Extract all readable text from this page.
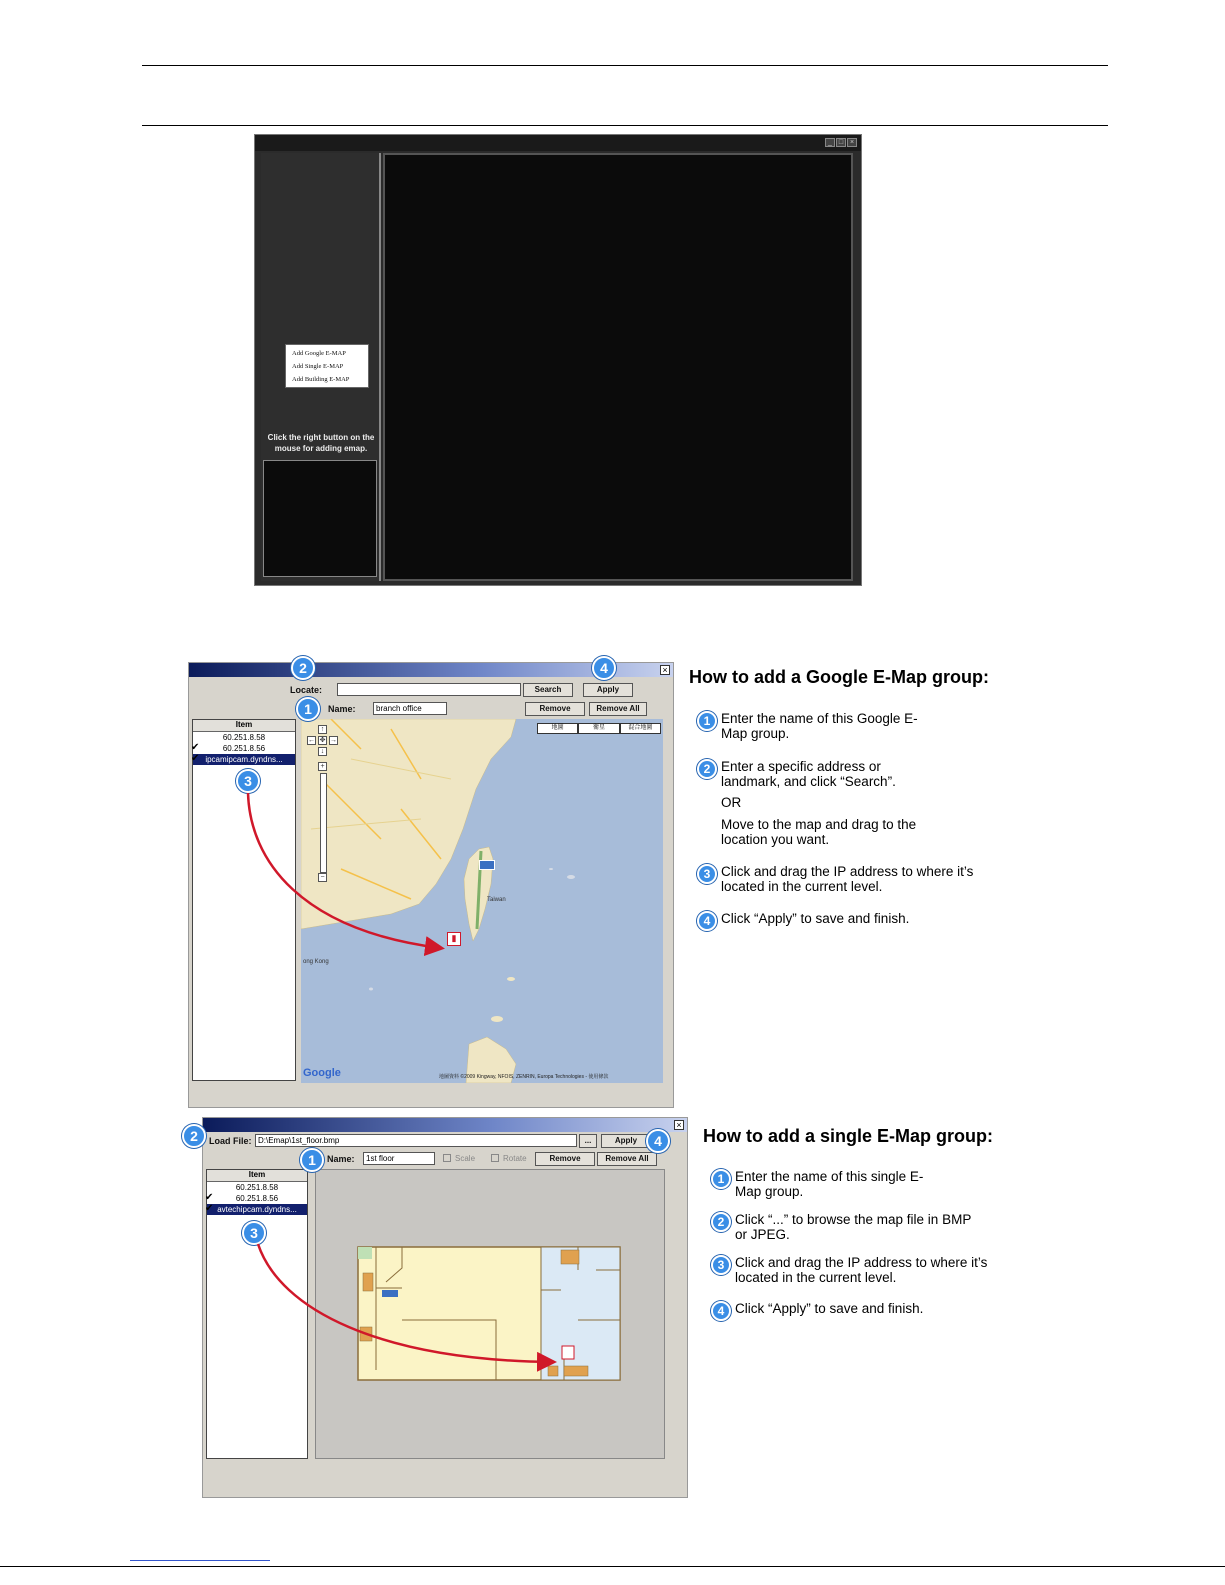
_ □ ×
Add Google E-MAP
Add Single E-MAP
Add Building E-MAP
Click the right button on the mouse for adding emap.
×
Locate:	Search	Apply
Name:	branch office	Remove	Remove All
Item
60.251.8.58
✔	60.251.8.56
✔ ipcamipcam.dyndns...
地圖	衛星	混合地圖
↑
← ✥ →
↓
+
−
ong Kong
Taiwan
Google	地圖資料 ©2009 Kingway, NFOIS, ZENRIN, Europa Technologies - 使用條款
▮
2	4
1
3
×
Load File: D:\Emap\1st_floor.bmp	...	Apply
Name:	1st floor	Scale	Rotate	Remove	Remove All
Item
60.251.8.58
✔	60.251.8.56
✔ avtechipcam.dyndns...
2	4
1
3
How to add a Google E-Map group:
1 Enter the name of this Google E-Map group.
2 Enter a specific address or landmark, and click “Search”.
OR
Move to the map and drag to the location you want.
3 Click and drag the IP address to where it’s located in the current level.
4 Click “Apply” to save and finish.
How to add a single E-Map group:
1 Enter the name of this single E-Map group.
2 Click “...” to browse the map file in BMP or JPEG.
3 Click and drag the IP address to where it’s located in the current level.
4 Click “Apply” to save and finish.
